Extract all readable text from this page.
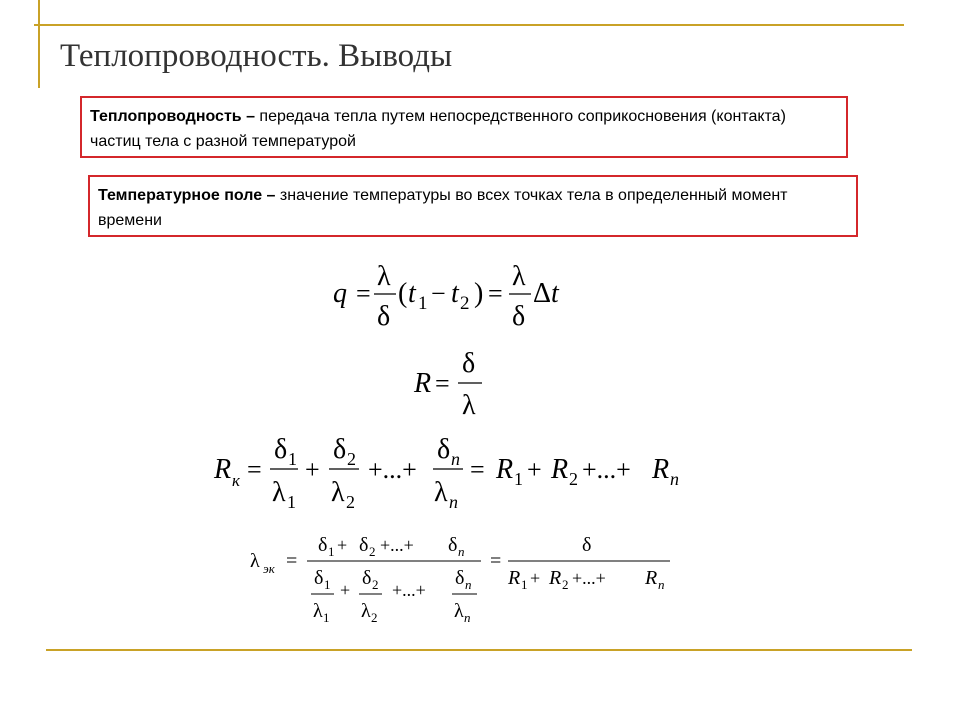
Теплопроводность. Выводы
Теплопроводность – передача тепла путем непосредственного соприкосновения (контакта) частиц тела с разной температурой
Температурное поле – значение температуры во всех точках тела в определенный момент времени
q =
λ
δ
( t 1 − t 2 ) =
λ
δ
Δ t
R =
δ
λ
R к =
δ 1
λ 1
+
δ 2
λ 2
+...+
δ n
λ n
= R 1 + R 2 +...+ R n
λ эк =
δ 1 + δ 2 +...+ δ n
δ 1
λ 1
+
δ 2
λ 2
+...+
δ n
λ n
=
δ
R 1 + R 2 +...+ R n
